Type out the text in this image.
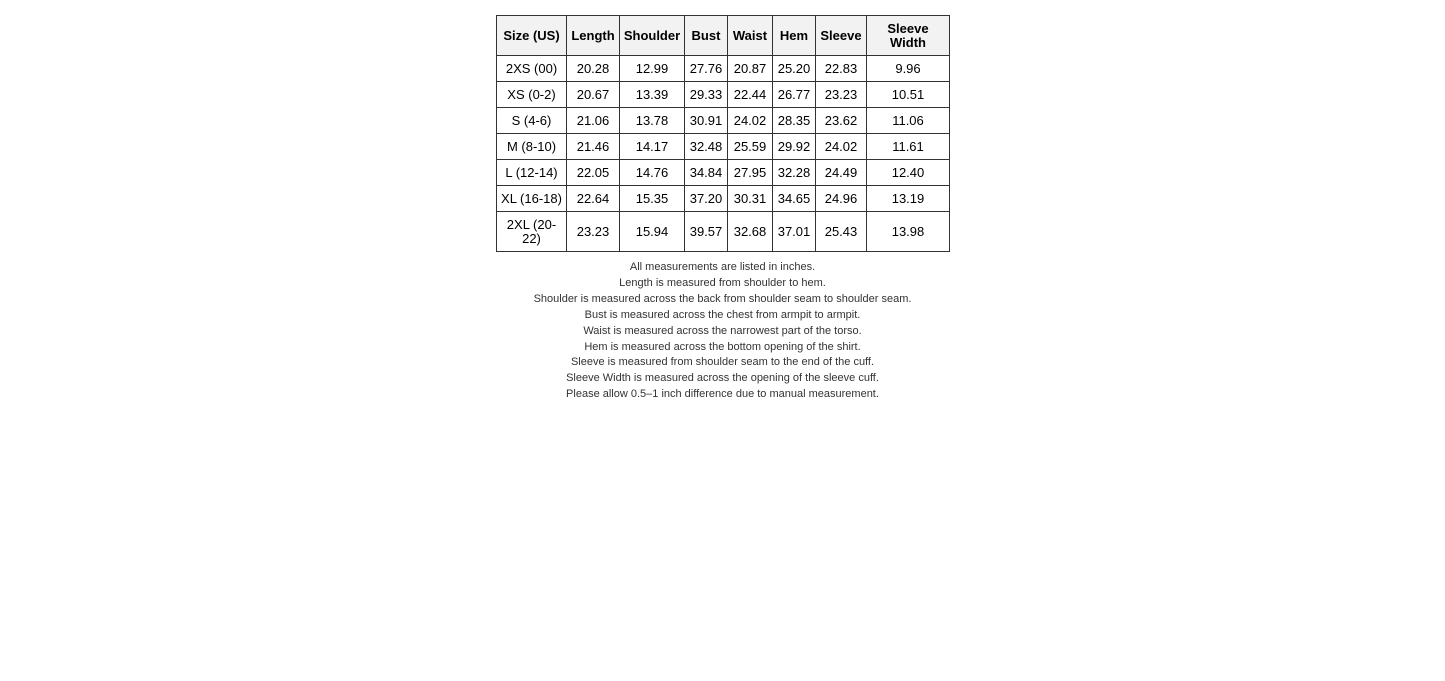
Size (US)	Length	Shoulder	Bust	Waist	Hem	Sleeve	Sleeve Width
2XS (00)	20.28	12.99	27.76	20.87	25.20	22.83	9.96
XS (0-2)	20.67	13.39	29.33	22.44	26.77	23.23	10.51
S (4-6)	21.06	13.78	30.91	24.02	28.35	23.62	11.06
M (8-10)	21.46	14.17	32.48	25.59	29.92	24.02	11.61
L (12-14)	22.05	14.76	34.84	27.95	32.28	24.49	12.40
XL (16-18)	22.64	15.35	37.20	30.31	34.65	24.96	13.19
2XL (20-22)	23.23	15.94	39.57	32.68	37.01	25.43	13.98

All measurements are listed in inches.

Length is measured from shoulder to hem.

Shoulder is measured across the back from shoulder seam to shoulder seam.

Bust is measured across the chest from armpit to armpit.

Waist is measured across the narrowest part of the torso.

Hem is measured across the bottom opening of the shirt.

Sleeve is measured from shoulder seam to the end of the cuff.

Sleeve Width is measured across the opening of the sleeve cuff.

Please allow 0.5–1 inch difference due to manual measurement.
